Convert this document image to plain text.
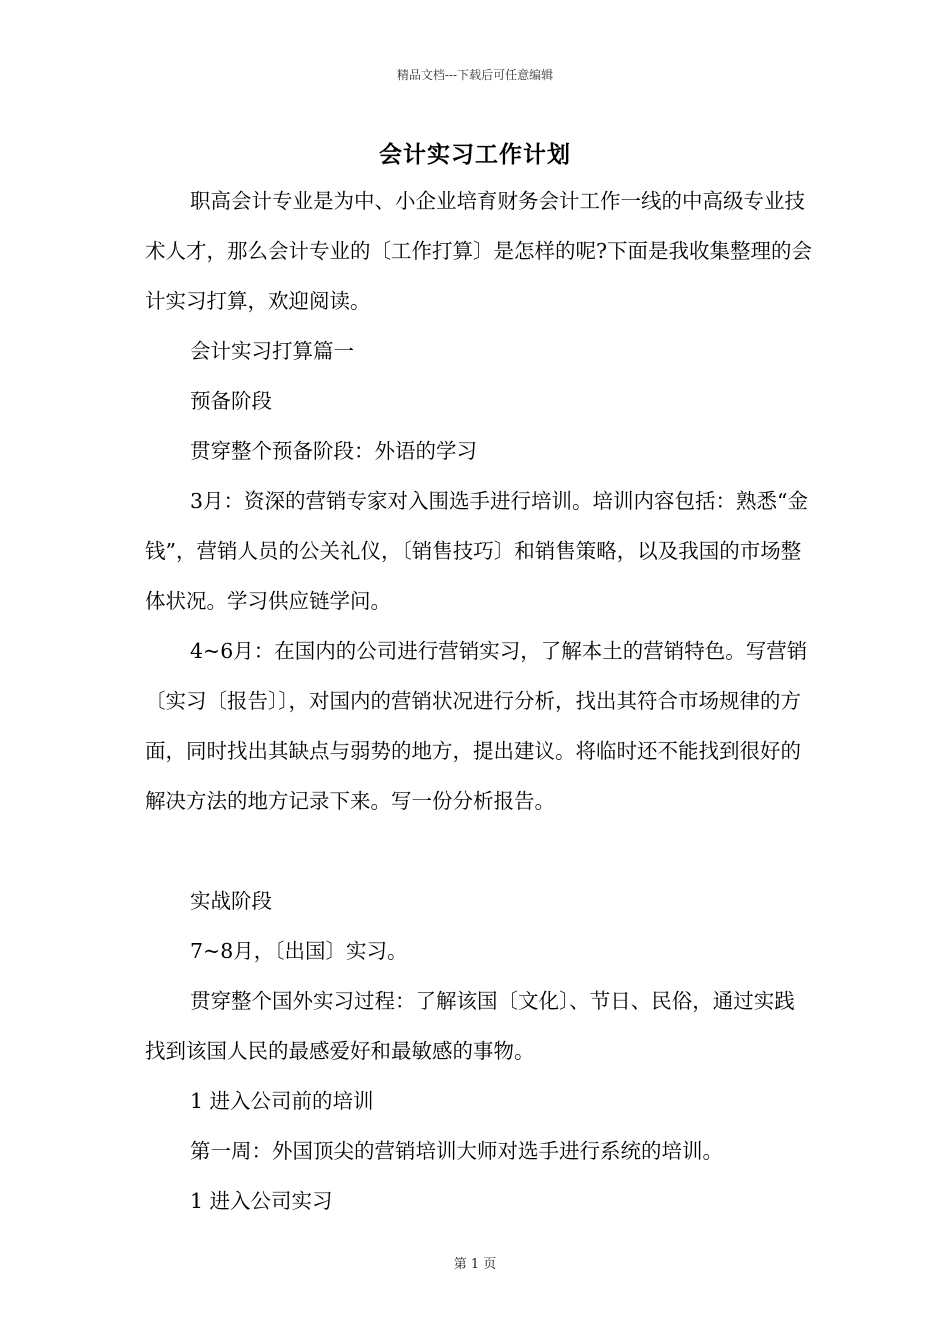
精品文档---下载后可任意编辑
会计实习工作计划

职高会计专业是为中、小企业培育财务会计工作一线的中高级专业技术人才，那么会计专业的〔工作打算〕是怎样的呢?下面是我收集整理的会计实习打算，欢迎阅读。

会计实习打算篇一

预备阶段

贯穿整个预备阶段：外语的学习

3月：资深的营销专家对入围选手进行培训。培训内容包括：熟悉“金钱”，营销人员的公关礼仪，〔销售技巧〕和销售策略，以及我国的市场整体状况。学习供应链学问。

4~6月：在国内的公司进行营销实习，了解本土的营销特色。写营销〔实习〔报告〕〕，对国内的营销状况进行分析，找出其符合市场规律的方面，同时找出其缺点与弱势的地方，提出建议。将临时还不能找到很好的解决方法的地方记录下来。写一份分析报告。

实战阶段

7~8月，〔出国〕实习。

贯穿整个国外实习过程：了解该国〔文化〕、节日、民俗，通过实践找到该国人民的最感爱好和最敏感的事物。

1 进入公司前的培训

第一周：外国顶尖的营销培训大师对选手进行系统的培训。

1 进入公司实习

第 1 页
